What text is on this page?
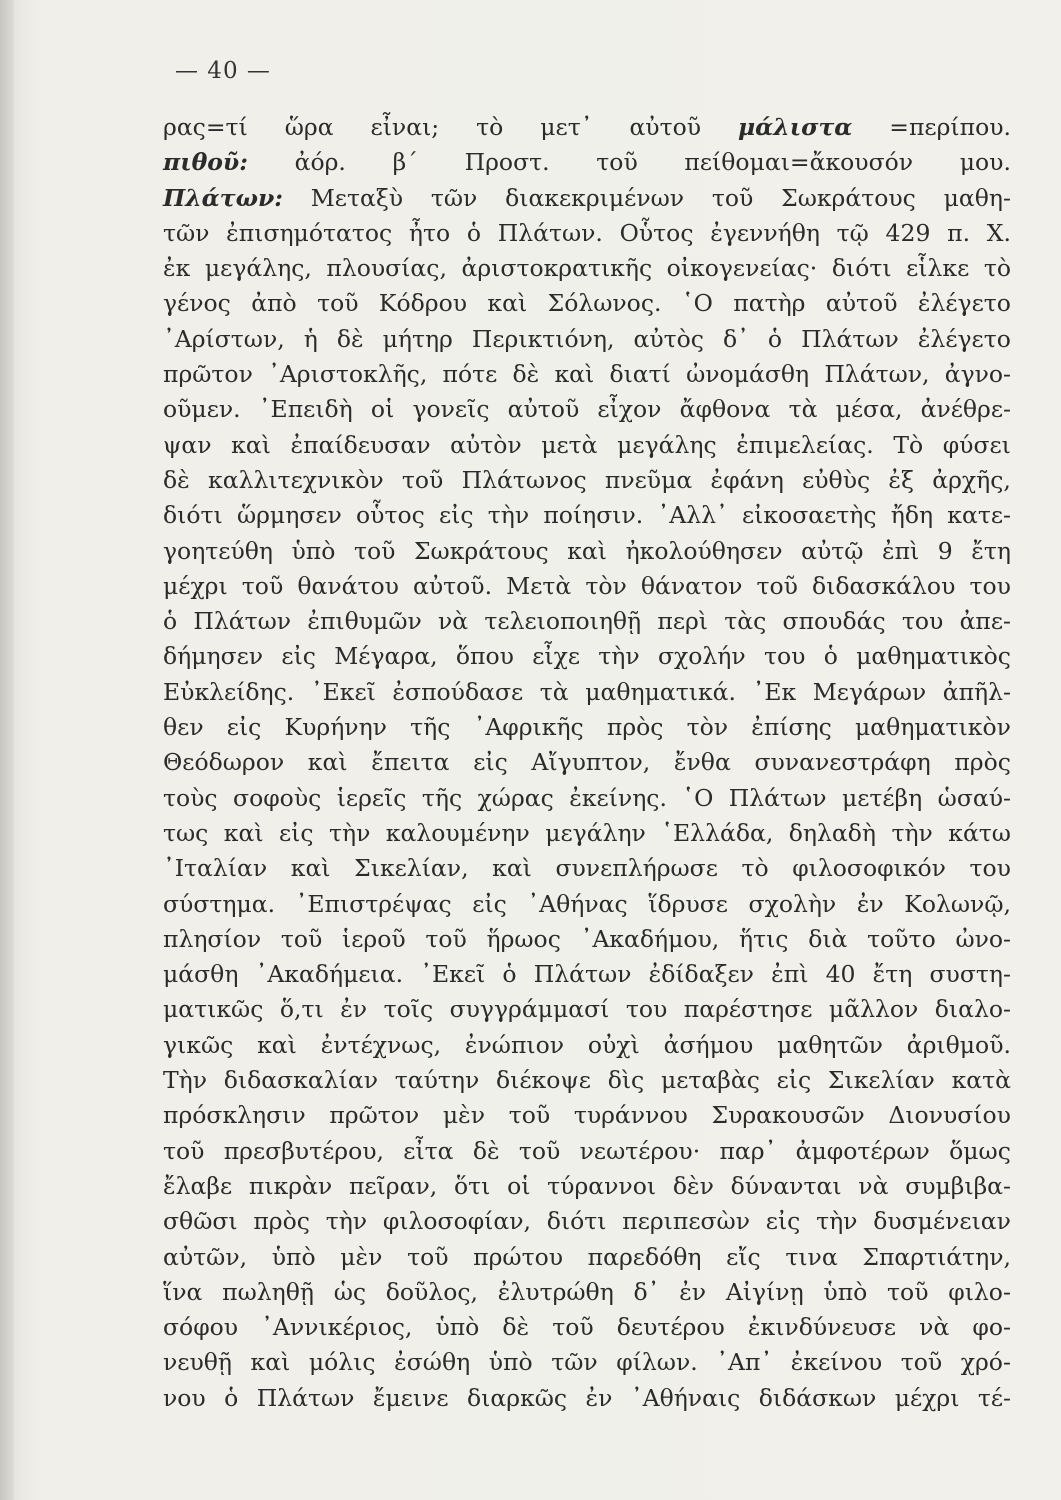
— 40 —
ρας=τί ὥρα εἶναι; τὸ μετ᾿ αὐτοῦ μάλιστα =περίπου.
πιθοῦ: ἀόρ. β΄ Προστ. τοῦ πείθομαι=ἄκουσόν μου.
Πλάτων: Μεταξὺ τῶν διακεκριμένων τοῦ Σωκράτους μαθη-
τῶν ἐπισημότατος ἦτο ὁ Πλάτων. Οὗτος ἐγεννήθη τῷ 429 π. Χ.
ἐκ μεγάλης, πλουσίας, ἀριστοκρατικῆς οἰκογενείας· διότι εἷλκε τὸ
γένος ἀπὸ τοῦ Κόδρου καὶ Σόλωνος. ῾Ο πατὴρ αὐτοῦ ἐλέγετο
᾿Αρίστων, ἡ δὲ μήτηρ Περικτιόνη, αὐτὸς δ᾿ ὁ Πλάτων ἐλέγετο
πρῶτον ᾿Αριστοκλῆς, πότε δὲ καὶ διατί ὠνομάσθη Πλάτων, ἀγνο-
οῦμεν. ᾿Επειδὴ οἱ γονεῖς αὐτοῦ εἶχον ἄφθονα τὰ μέσα, ἀνέθρε-
ψαν καὶ ἐπαίδευσαν αὐτὸν μετὰ μεγάλης ἐπιμελείας. Τὸ φύσει
δὲ καλλιτεχνικὸν τοῦ Πλάτωνος πνεῦμα ἐφάνη εὐθὺς ἐξ ἀρχῆς,
διότι ὥρμησεν οὗτος εἰς τὴν ποίησιν. ᾿Αλλ᾿ εἰκοσαετὴς ἤδη κατε-
γοητεύθη ὑπὸ τοῦ Σωκράτους καὶ ἠκολούθησεν αὐτῷ ἐπὶ 9 ἔτη
μέχρι τοῦ θανάτου αὐτοῦ. Μετὰ τὸν θάνατον τοῦ διδασκάλου του
ὁ Πλάτων ἐπιθυμῶν νὰ τελειοποιηθῇ περὶ τὰς σπουδάς του ἀπε-
δήμησεν εἰς Μέγαρα, ὅπου εἶχε τὴν σχολήν του ὁ μαθηματικὸς
Εὐκλείδης. ᾿Εκεῖ ἐσπούδασε τὰ μαθηματικά. ᾿Εκ Μεγάρων ἀπῆλ-
θεν εἰς Κυρήνην τῆς ᾿Αφρικῆς πρὸς τὸν ἐπίσης μαθηματικὸν
Θεόδωρον καὶ ἔπειτα εἰς Αἴγυπτον, ἔνθα συνανεστράφη πρὸς
τοὺς σοφοὺς ἱερεῖς τῆς χώρας ἐκείνης. ῾Ο Πλάτων μετέβη ὡσαύ-
τως καὶ εἰς τὴν καλουμένην μεγάλην ῾Ελλάδα, δηλαδὴ τὴν κάτω
᾿Ιταλίαν καὶ Σικελίαν, καὶ συνεπλήρωσε τὸ φιλοσοφικόν του
σύστημα. ᾿Επιστρέψας εἰς ᾿Αθήνας ἵδρυσε σχολὴν ἐν Κολωνῷ,
πλησίον τοῦ ἱεροῦ τοῦ ἥρωος ᾿Ακαδήμου, ἥτις διὰ τοῦτο ὠνο-
μάσθη ᾿Ακαδήμεια. ᾿Εκεῖ ὁ Πλάτων ἐδίδαξεν ἐπὶ 40 ἔτη συστη-
ματικῶς ὅ,τι ἐν τοῖς συγγράμμασί του παρέστησε μᾶλλον διαλο-
γικῶς καὶ ἐντέχνως, ἐνώπιον οὐχὶ ἀσήμου μαθητῶν ἀριθμοῦ.
Τὴν διδασκαλίαν ταύτην διέκοψε δὶς μεταβὰς εἰς Σικελίαν κατὰ
πρόσκλησιν πρῶτον μὲν τοῦ τυράννου Συρακουσῶν Διονυσίου
τοῦ πρεσβυτέρου, εἶτα δὲ τοῦ νεωτέρου· παρ᾿ ἀμφοτέρων ὅμως
ἔλαβε πικρὰν πεῖραν, ὅτι οἱ τύραννοι δὲν δύνανται νὰ συμβιβα-
σθῶσι πρὸς τὴν φιλοσοφίαν, διότι περιπεσὼν εἰς τὴν δυσμένειαν
αὐτῶν, ὑπὸ μὲν τοῦ πρώτου παρεδόθη εἴς τινα Σπαρτιάτην,
ἵνα πωληθῇ ὡς δοῦλος, ἐλυτρώθη δ᾿ ἐν Αἰγίνῃ ὑπὸ τοῦ φιλο-
σόφου ᾿Αννικέριος, ὑπὸ δὲ τοῦ δευτέρου ἐκινδύνευσε νὰ φο-
νευθῇ καὶ μόλις ἐσώθη ὑπὸ τῶν φίλων. ᾿Απ᾿ ἐκείνου τοῦ χρό-
νου ὁ Πλάτων ἔμεινε διαρκῶς ἐν ᾿Αθήναις διδάσκων μέχρι τέ-
